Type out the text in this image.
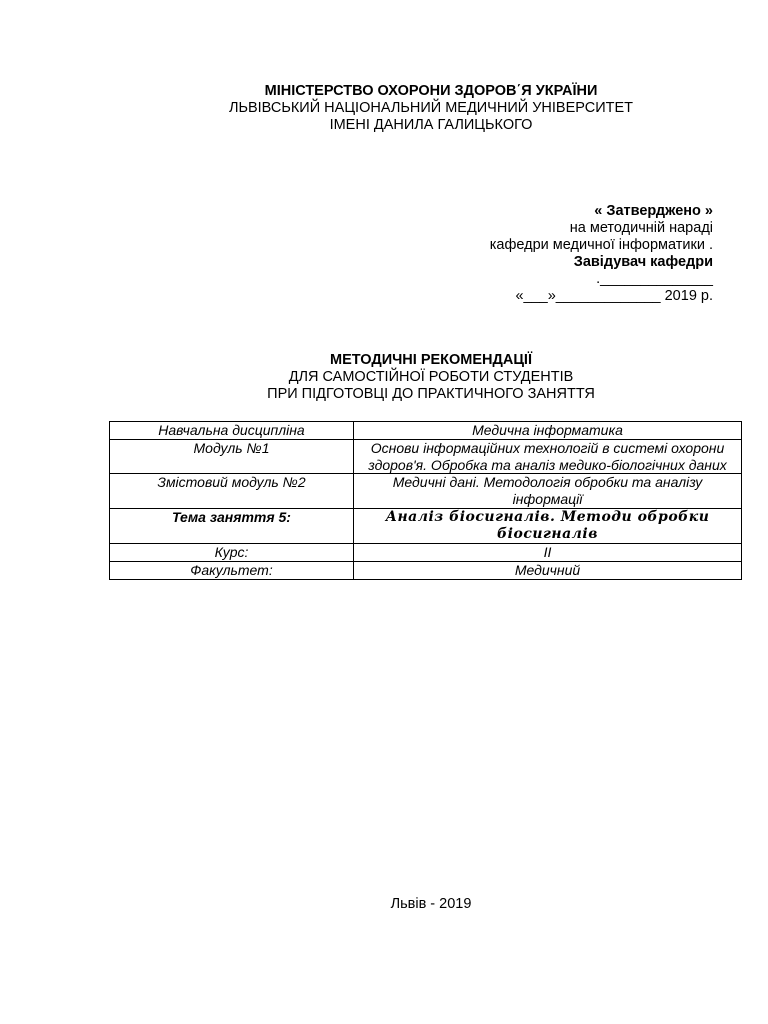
МІНІСТЕРСТВО ОХОРОНИ ЗДОРОВ΄Я УКРАЇНИ
ЛЬВІВСЬКИЙ НАЦІОНАЛЬНИЙ МЕДИЧНИЙ УНІВЕРСИТЕТ
ІМЕНІ ДАНИЛА ГАЛИЦЬКОГО
« Затверджено »
на методичній нараді
кафедри медичної інформатики .
Завідувач кафедри
.______________
«___»_____________ 2019 р.
МЕТОДИЧНІ РЕКОМЕНДАЦІЇ
ДЛЯ САМОСТІЙНОЇ РОБОТИ СТУДЕНТІВ
ПРИ ПІДГОТОВЦІ ДО ПРАКТИЧНОГО ЗАНЯТТЯ
Навчальна дисципліна	Медична інформатика
Модуль №1	Основи інформаційних технологій в системі охорони здоров'я. Обробка та аналіз медико-біологічних даних
Змістовий модуль №2	Медичні дані. Методологія обробки та аналізу інформації
Тема заняття 5:	Аналіз біосигналів. Методи обробки біосигналів
Курс:	ІІ
Факультет:	Медичний
Львів - 2019
